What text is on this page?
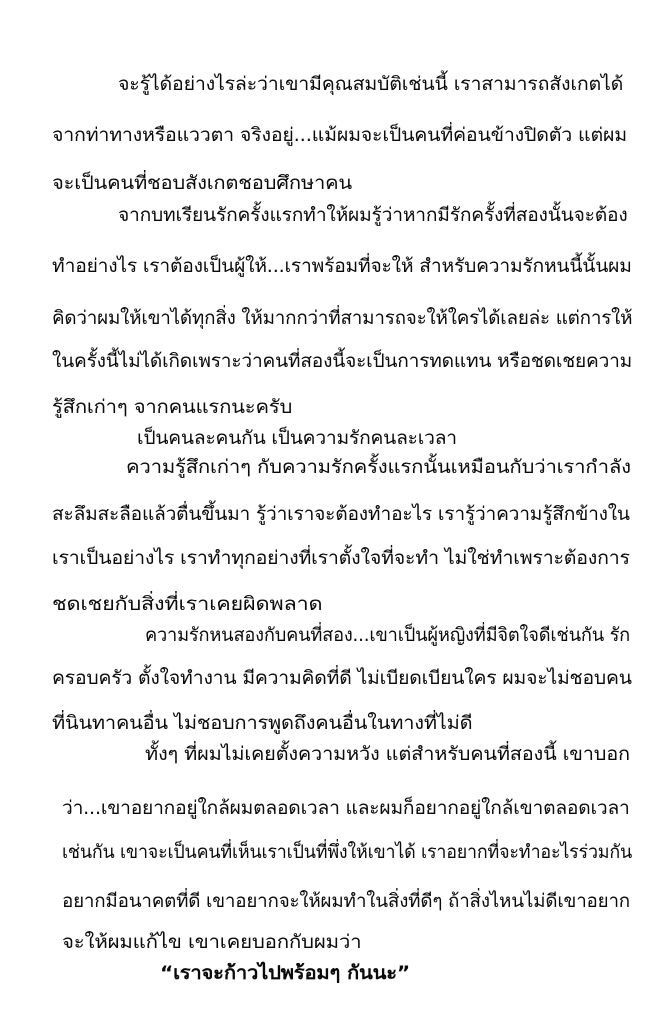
จะรู้ได้อย่างไรล่ะว่าเขามีคุณสมบัติเช่นนี้ เราสามารถสังเกตได้
จากท่าทางหรือแววตา จริงอยู่...แม้ผมจะเป็นคนที่ค่อนข้างปิดตัว แต่ผม
จะเป็นคนที่ชอบสังเกตชอบศึกษาคน
จากบทเรียนรักครั้งแรกทำให้ผมรู้ว่าหากมีรักครั้งที่สองนั้นจะต้อง
ทำอย่างไร เราต้องเป็นผู้ให้...เราพร้อมที่จะให้ สำหรับความรักหนนี้นั้นผม
คิดว่าผมให้เขาได้ทุกสิ่ง ให้มากกว่าที่สามารถจะให้ใครได้เลยล่ะ แต่การให้
ในครั้งนี้ไม่ได้เกิดเพราะว่าคนที่สองนี้จะเป็นการทดแทน หรือชดเชยความ
รู้สึกเก่าๆ จากคนแรกนะครับ
เป็นคนละคนกัน เป็นความรักคนละเวลา
ความรู้สึกเก่าๆ กับความรักครั้งแรกนั้นเหมือนกับว่าเรากำลัง
สะลึมสะลือแล้วตื่นขึ้นมา รู้ว่าเราจะต้องทำอะไร เรารู้ว่าความรู้สึกข้างใน
เราเป็นอย่างไร เราทำทุกอย่างที่เราตั้งใจที่จะทำ ไม่ใช่ทำเพราะต้องการ
ชดเชยกับสิ่งที่เราเคยผิดพลาด
ความรักหนสองกับคนที่สอง...เขาเป็นผู้หญิงที่มีจิตใจดีเช่นกัน รัก
ครอบครัว ตั้งใจทำงาน มีความคิดที่ดี ไม่เบียดเบียนใคร ผมจะไม่ชอบคน
ที่นินทาคนอื่น ไม่ชอบการพูดถึงคนอื่นในทางที่ไม่ดี
ทั้งๆ ที่ผมไม่เคยตั้งความหวัง แต่สำหรับคนที่สองนี้ เขาบอก
ว่า...เขาอยากอยู่ใกล้ผมตลอดเวลา และผมก็อยากอยู่ใกล้เขาตลอดเวลา
เช่นกัน เขาจะเป็นคนที่เห็นเราเป็นที่พึ่งให้เขาได้ เราอยากที่จะทำอะไรร่วมกัน
อยากมีอนาคตที่ดี เขาอยากจะให้ผมทำในสิ่งที่ดีๆ ถ้าสิ่งไหนไม่ดีเขาอยาก
จะให้ผมแก้ไข เขาเคยบอกกับผมว่า
“เราจะก้าวไปพร้อมๆ กันนะ”
